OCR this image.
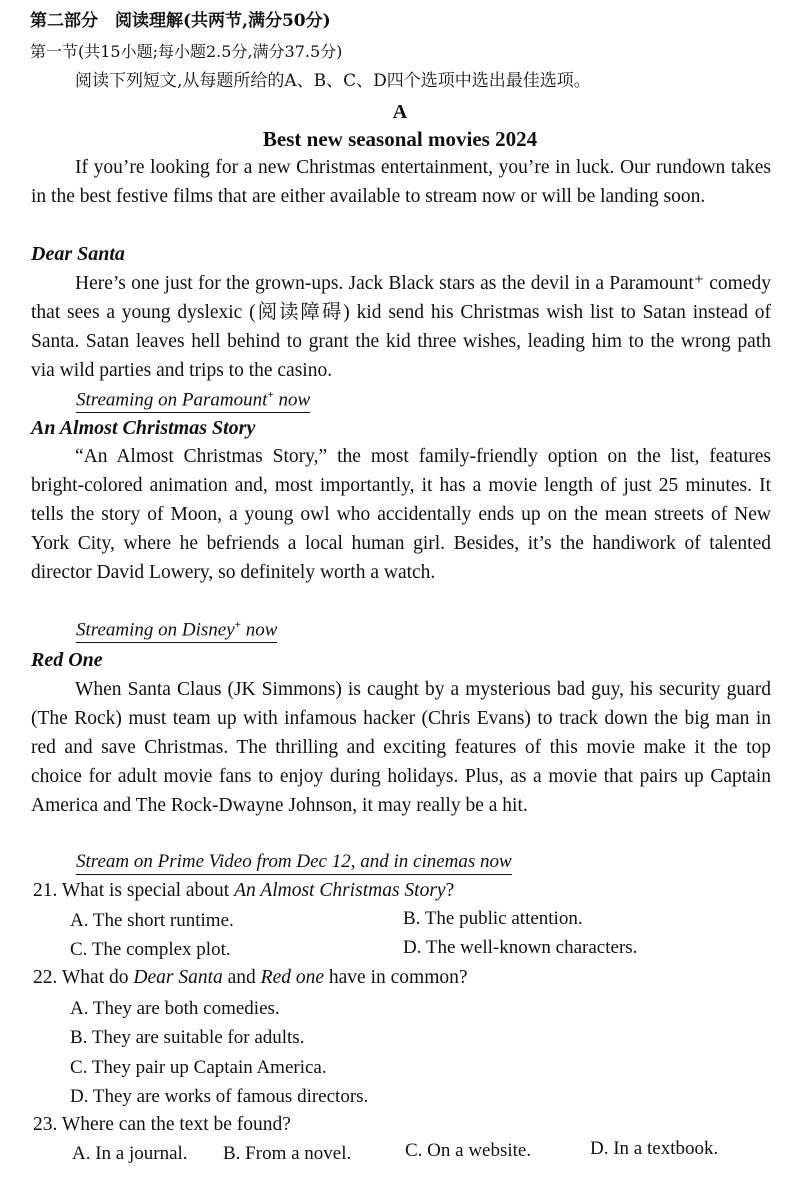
第二部分　阅读理解(共两节,满分50分)
第一节(共15小题;每小题2.5分,满分37.5分)
阅读下列短文,从每题所给的A、B、C、D四个选项中选出最佳选项。
A
Best new seasonal movies 2024
If you’re looking for a new Christmas entertainment, you’re in luck. Our rundown takes in the best festive films that are either available to stream now or will be landing soon.
Dear Santa
Here’s one just for the grown-ups. Jack Black stars as the devil in a Paramount⁺ comedy that sees a young dyslexic (阅读障碍) kid send his Christmas wish list to Satan instead of Santa. Satan leaves hell behind to grant the kid three wishes, leading him to the wrong path via wild parties and trips to the casino.
Streaming on Paramount+ now
An Almost Christmas Story
“An Almost Christmas Story,” the most family-friendly option on the list, features bright-colored animation and, most importantly, it has a movie length of just 25 minutes. It tells the story of Moon, a young owl who accidentally ends up on the mean streets of New York City, where he befriends a local human girl. Besides, it’s the handiwork of talented director David Lowery, so definitely worth a watch.
Streaming on Disney+ now
Red One
When Santa Claus (JK Simmons) is caught by a mysterious bad guy, his security guard (The Rock) must team up with infamous hacker (Chris Evans) to track down the big man in red and save Christmas. The thrilling and exciting features of this movie make it the top choice for adult movie fans to enjoy during holidays. Plus, as a movie that pairs up Captain America and The Rock-Dwayne Johnson, it may really be a hit.
Stream on Prime Video from Dec 12, and in cinemas now
21. What is special about An Almost Christmas Story?
A. The short runtime.	B. The public attention.
C. The complex plot.	D. The well-known characters.
22. What do Dear Santa and Red one have in common?
A. They are both comedies.
B. They are suitable for adults.
C. They pair up Captain America.
D. They are works of famous directors.
23. Where can the text be found?
A. In a journal. B. From a novel.	C. On a website.	D. In a textbook.
